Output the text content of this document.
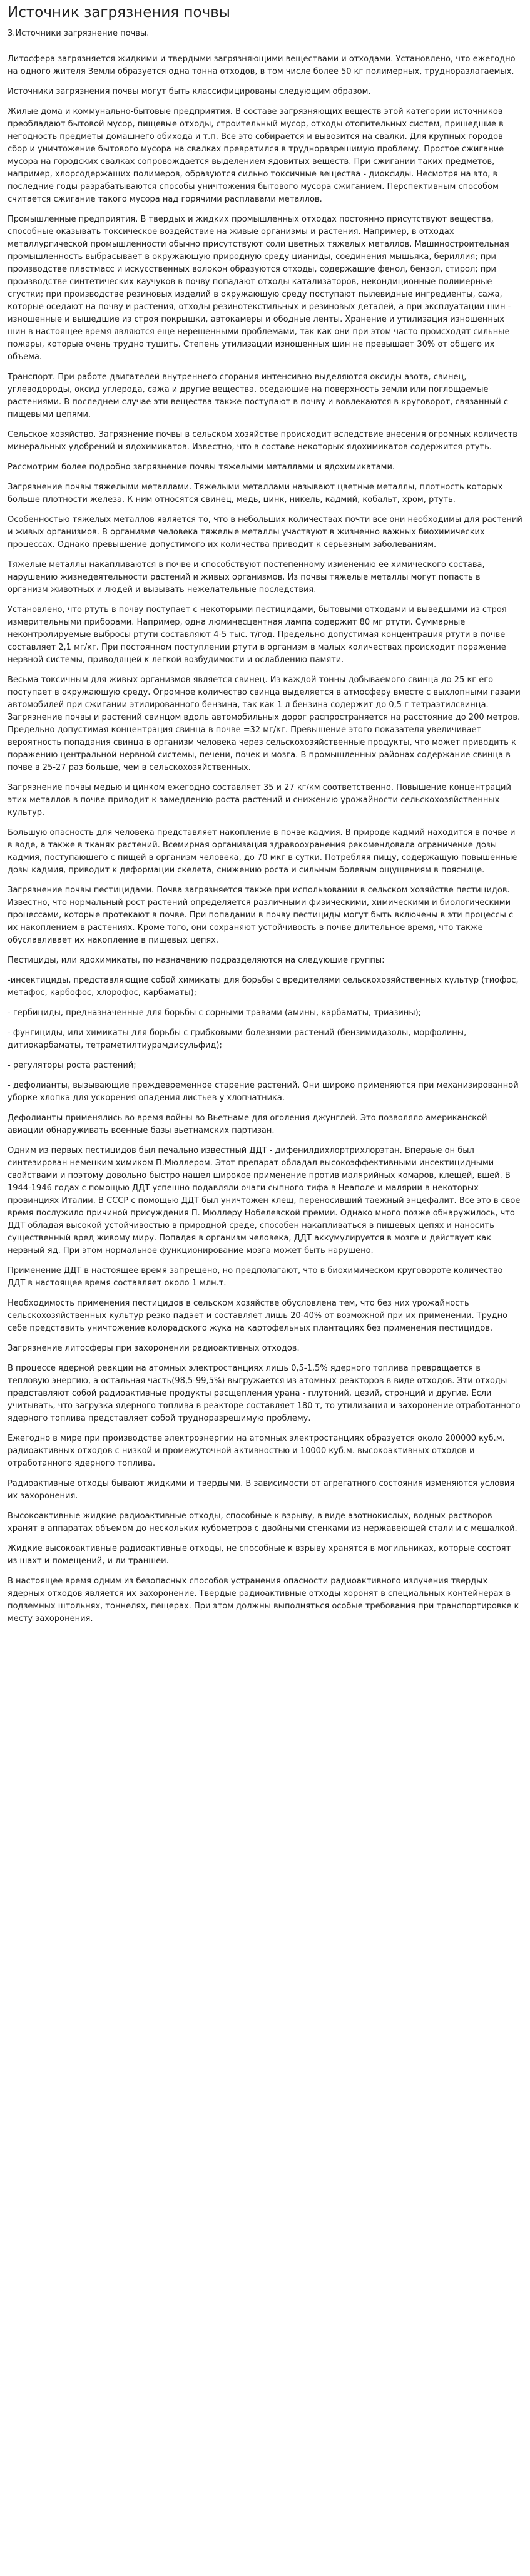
Источник загрязнения почвы
3.Источники загрязнение почвы.

Литосфера загрязняется жидкими и твердыми загрязняющими веществами и отходами. Установлено, что ежегодно на одного жителя Земли образуется одна тонна отходов, в том числе более 50 кг полимерных, трудноразлагаемых.

Источники загрязнения почвы могут быть классифицированы следующим образом.

Жилые дома и коммунально-бытовые предприятия. В составе загрязняющих веществ этой категории источников преобладают бытовой мусор, пищевые отходы, строительный мусор, отходы отопительных систем, пришедшие в негодность предметы домашнего обихода и т.п. Все это собирается и вывозится на свалки. Для крупных городов сбор и уничтожение бытового мусора на свалках превратился в трудноразрешимую проблему. Простое сжигание мусора на городских свалках сопровождается выделением ядовитых веществ. При сжигании таких предметов, например, хлорсодержащих полимеров, образуются сильно токсичные вещества - диоксиды. Несмотря на это, в последние годы разрабатываются способы уничтожения бытового мусора сжиганием. Перспективным способом считается сжигание такого мусора над горячими расплавами металлов.

Промышленные предприятия. В твердых и жидких промышленных отходах постоянно присутствуют вещества, способные оказывать токсическое воздействие на живые организмы и растения. Например, в отходах металлургической промышленности обычно присутствуют соли цветных тяжелых металлов. Машиностроительная промышленность выбрасывает в окружающую природную среду цианиды, соединения мышьяка, бериллия; при производстве пластмасс и искусственных волокон образуются отходы, содержащие фенол, бензол, стирол; при производстве синтетических каучуков в почву попадают отходы катализаторов, некондиционные полимерные сгустки; при производстве резиновых изделий в окружающую среду поступают пылевидные ингредиенты, сажа, которые оседают на почву и растения, отходы резинотекстильных и резиновых деталей, а при эксплуатации шин - изношенные и вышедшие из строя покрышки, автокамеры и ободные ленты. Хранение и утилизация изношенных шин в настоящее время являются еще нерешенными проблемами, так как они при этом часто происходят сильные пожары, которые очень трудно тушить. Степень утилизации изношенных шин не превышает 30% от общего их объема.

Транспорт. При работе двигателей внутреннего сгорания интенсивно выделяются оксиды азота, свинец, углеводороды, оксид углерода, сажа и другие вещества, оседающие на поверхность земли или поглощаемые растениями. В последнем случае эти вещества также поступают в почву и вовлекаются в круговорот, связанный с пищевыми цепями.

Сельское хозяйство. Загрязнение почвы в сельском хозяйстве происходит вследствие внесения огромных количеств минеральных удобрений и ядохимикатов. Известно, что в составе некоторых ядохимикатов содержится ртуть.

Рассмотрим более подробно загрязнение почвы тяжелыми металлами и ядохимикатами.

Загрязнение почвы тяжелыми металлами. Тяжелыми металлами называют цветные металлы, плотность которых больше плотности железа. К ним относятся свинец, медь, цинк, никель, кадмий, кобальт, хром, ртуть.

Особенностью тяжелых металлов является то, что в небольших количествах почти все они необходимы для растений и живых организмов. В организме человека тяжелые металлы участвуют в жизненно важных биохимических процессах. Однако превышение допустимого их количества приводит к серьезным заболеваниям.

Тяжелые металлы накапливаются в почве и способствуют постепенному изменению ее химического состава, нарушению жизнедеятельности растений и живых организмов. Из почвы тяжелые металлы могут попасть в организм животных и людей и вызывать нежелательные последствия.

Установлено, что ртуть в почву поступает с некоторыми пестицидами, бытовыми отходами и выведшими из строя измерительными приборами. Например, одна люминесцентная лампа содержит 80 мг ртути. Суммарные неконтролируемые выбросы ртути составляют 4-5 тыс. т/год. Предельно допустимая концентрация ртути в почве составляет 2,1 мг/кг. При постоянном поступлении ртути в организм в малых количествах происходит поражение нервной системы, приводящей к легкой возбудимости и ослаблению памяти.

Весьма токсичным для живых организмов является свинец. Из каждой тонны добываемого свинца до 25 кг его поступает в окружающую среду. Огромное количество свинца выделяется в атмосферу вместе с выхлопными газами автомобилей при сжигании этилированного бензина, так как 1 л бензина содержит до 0,5 г тетраэтилсвинца. Загрязнение почвы и растений свинцом вдоль автомобильных дорог распространяется на расстояние до 200 метров. Предельно допустимая концентрация свинца в почве =32 мг/кг. Превышение этого показателя увеличивает вероятность попадания свинца в организм человека через сельскохозяйственные продукты, что может приводить к поражению центральной нервной системы, печени, почек и мозга. В промышленных районах содержание свинца в почве в 25-27 раз больше, чем в сельскохозяйственных.

Загрязнение почвы медью и цинком ежегодно составляет 35 и 27 кг/км соответственно. Повышение концентраций этих металлов в почве приводит к замедлению роста растений и снижению урожайности сельскохозяйственных культур.

Большую опасность для человека представляет накопление в почве кадмия. В природе кадмий находится в почве и в воде, а также в тканях растений. Всемирная организация здравоохранения рекомендовала ограничение дозы кадмия, поступающего с пищей в организм человека, до 70 мкг в сутки. Потребляя пищу, содержащую повышенные дозы кадмия, приводит к деформации скелета, снижению роста и сильным болевым ощущениям в пояснице.

Загрязнение почвы пестицидами. Почва загрязняется также при использовании в сельском хозяйстве пестицидов. Известно, что нормальный рост растений определяется различными физическими, химическими и биологическими процессами, которые протекают в почве. При попадании в почву пестициды могут быть включены в эти процессы с их накоплением в растениях. Кроме того, они сохраняют устойчивость в почве длительное время, что также обуславливает их накопление в пищевых цепях.

Пестициды, или ядохимикаты, по назначению подразделяются на следующие группы:

-инсектициды, представляющие собой химикаты для борьбы с вредителями сельскохозяйственных культур (тиофос, метафос, карбофос, хлорофос, карбаматы);

- гербициды, предназначенные для борьбы с сорными травами (амины, карбаматы, триазины);

- фунгициды, или химикаты для борьбы с грибковыми болезнями растений (бензимидазолы, морфолины, дитиокарбаматы, тетраметилтиурамдисульфид);

- регуляторы роста растений;

- дефолианты, вызывающие преждевременное старение растений. Они широко применяются при механизированной уборке хлопка для ускорения опадения листьев у хлопчатника.

Дефолианты применялись во время войны во Вьетнаме для оголения джунглей. Это позволяло американской авиации обнаруживать военные базы вьетнамских партизан.

Одним из первых пестицидов был печально известный ДДТ - дифенилдихлортрихлорэтан. Впервые он был синтезирован немецким химиком П.Мюллером. Этот препарат обладал высокоэффективными инсектицидными свойствами и поэтому довольно быстро нашел широкое применение против малярийных комаров, клещей, вшей. В 1944-1946 годах с помощью ДДТ успешно подавляли очаги сыпного тифа в Неаполе и малярии в некоторых провинциях Италии. В СССР с помощью ДДТ был уничтожен клещ, переносивший таежный энцефалит. Все это в свое время послужило причиной присуждения П. Мюллеру Нобелевской премии. Однако много позже обнаружилось, что ДДТ обладая высокой устойчивостью в природной среде, способен накапливаться в пищевых цепях и наносить существенный вред живому миру. Попадая в организм человека, ДДТ аккумулируется в мозге и действует как нервный яд. При этом нормальное функционирование мозга может быть нарушено.

Применение ДДТ в настоящее время запрещено, но предполагают, что в биохимическом круговороте количество ДДТ в настоящее время составляет около 1 млн.т.

Необходимость применения пестицидов в сельском хозяйстве обусловлена тем, что без них урожайность сельскохозяйственных культур резко падает и составляет лишь 20-40% от возможной при их применении. Трудно себе представить уничтожение колорадского жука на картофельных плантациях без применения пестицидов.

Загрязнение литосферы при захоронении радиоактивных отходов.

В процессе ядерной реакции на атомных электростанциях лишь 0,5-1,5% ядерного топлива превращается в тепловую энергию, а остальная часть(98,5-99,5%) выгружается из атомных реакторов в виде отходов. Эти отходы представляют собой радиоактивные продукты расщепления урана - плутоний, цезий, стронций и другие. Если учитывать, что загрузка ядерного топлива в реакторе составляет 180 т, то утилизация и захоронение отработанного ядерного топлива представляет собой трудноразрешимую проблему.

Ежегодно в мире при производстве электроэнергии на атомных электростанциях образуется около 200000 куб.м. радиоактивных отходов с низкой и промежуточной активностью и 10000 куб.м. высокоактивных отходов и отработанного ядерного топлива.

Радиоактивные отходы бывают жидкими и твердыми. В зависимости от агрегатного состояния изменяются условия их захоронения.

Высокоактивные жидкие радиоактивные отходы, способные к взрыву, в виде азотнокислых, водных растворов хранят в аппаратах объемом до нескольких кубометров с двойными стенками из нержавеющей стали и с мешалкой.

Жидкие высокоактивные радиоактивные отходы, не способные к взрыву хранятся в могильниках, которые состоят из шахт и помещений, и ли траншеи.

В настоящее время одним из безопасных способов устранения опасности радиоактивного излучения твердых ядерных отходов является их захоронение. Твердые радиоактивные отходы хоронят в специальных контейнерах в подземных штольнях, тоннелях, пещерах. При этом должны выполняться особые требования при транспортировке к месту захоронения.
